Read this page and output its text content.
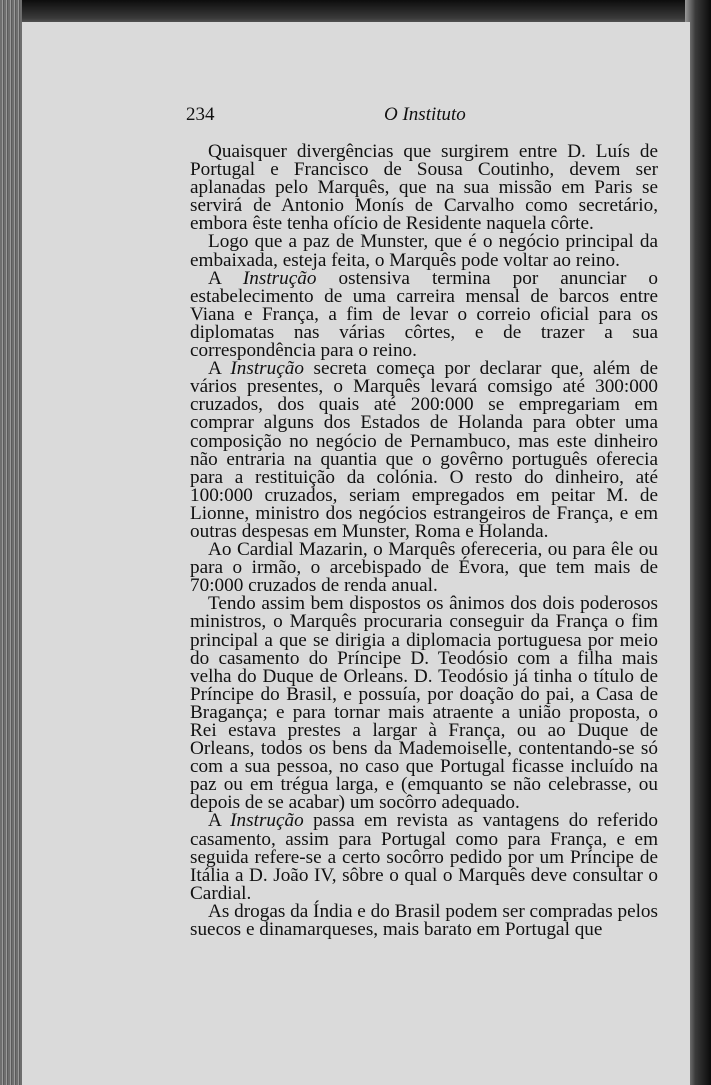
234	O Instituto

Quaisquer divergências que surgirem entre D. Luís de Portugal e Francisco de Sousa Coutinho, devem ser aplanadas pelo Marquês, que na sua missão em Paris se servirá de Antonio Monís de Carvalho como secretário, embora êste tenha ofício de Residente naquela côrte.

Logo que a paz de Munster, que é o negócio principal da embaixada, esteja feita, o Marquês pode voltar ao reino.

A Instrução ostensiva termina por anunciar o estabelecimento de uma carreira mensal de barcos entre Viana e França, a fim de levar o correio oficial para os diplomatas nas várias côrtes, e de trazer a sua correspondência para o reino.

A Instrução secreta começa por declarar que, além de vários presentes, o Marquês levará comsigo até 300:000 cruzados, dos quais até 200:000 se empregariam em comprar alguns dos Estados de Holanda para obter uma composição no negócio de Pernambuco, mas este dinheiro não entraria na quantia que o govêrno português oferecia para a restituição da colónia. O resto do dinheiro, até 100:000 cruzados, seriam empregados em peitar M. de Lionne, ministro dos negócios estrangeiros de França, e em outras despesas em Munster, Roma e Holanda.

Ao Cardial Mazarin, o Marquês ofereceria, ou para êle ou para o irmão, o arcebispado de Évora, que tem mais de 70:000 cruzados de renda anual.

Tendo assim bem dispostos os ânimos dos dois poderosos ministros, o Marquês procuraria conseguir da França o fim principal a que se dirigia a diplomacia portuguesa por meio do casamento do Príncipe D. Teodósio com a filha mais velha do Duque de Orleans. D. Teodósio já tinha o título de Príncipe do Brasil, e possuía, por doação do pai, a Casa de Bragança; e para tornar mais atraente a união proposta, o Rei estava prestes a largar à França, ou ao Duque de Orleans, todos os bens da Mademoiselle, contentando-se só com a sua pessoa, no caso que Portugal ficasse incluído na paz ou em trégua larga, e (emquanto se não celebrasse, ou depois de se acabar) um socôrro adequado.

A Instrução passa em revista as vantagens do referido casamento, assim para Portugal como para França, e em seguida refere-se a certo socôrro pedido por um Príncipe de Itália a D. João IV, sôbre o qual o Marquês deve consultar o Cardial.

As drogas da Índia e do Brasil podem ser compradas pelos suecos e dinamarqueses, mais barato em Portugal que
